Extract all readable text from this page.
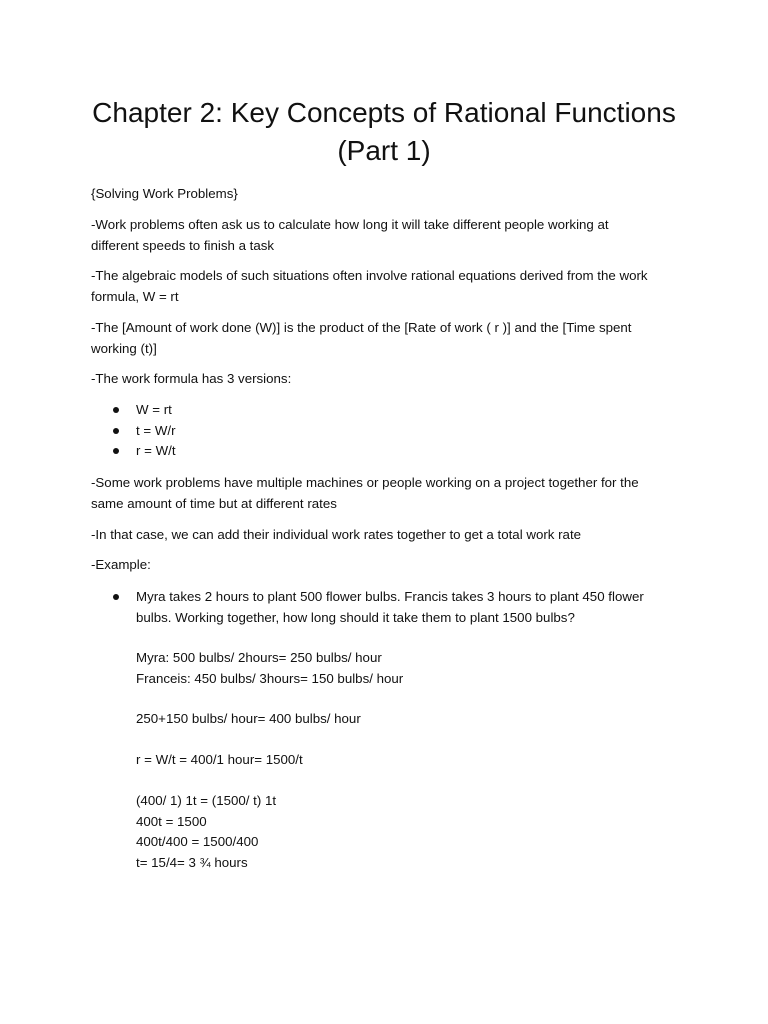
Chapter 2: Key Concepts of Rational Functions
(Part 1)

{Solving Work Problems}

-Work problems often ask us to calculate how long it will take different people working at
different speeds to finish a task

-The algebraic models of such situations often involve rational equations derived from the work
formula, W = rt

-The [Amount of work done (W)] is the product of the [Rate of work ( r )] and the [Time spent
working (t)]

-The work formula has 3 versions:

W = rt
t = W/r
r = W/t

-Some work problems have multiple machines or people working on a project together for the
same amount of time but at different rates

-In that case, we can add their individual work rates together to get a total work rate

-Example:

Myra takes 2 hours to plant 500 flower bulbs. Francis takes 3 hours to plant 450 flower
bulbs. Working together, how long should it take them to plant 1500 bulbs?

Myra: 500 bulbs/ 2hours= 250 bulbs/ hour
Franceis: 450 bulbs/ 3hours= 150 bulbs/ hour

250+150 bulbs/ hour= 400 bulbs/ hour

r = W/t = 400/1 hour= 1500/t

(400/ 1) 1t = (1500/ t) 1t
400t = 1500
400t/400 = 1500/400
t= 15/4= 3 ¾ hours
